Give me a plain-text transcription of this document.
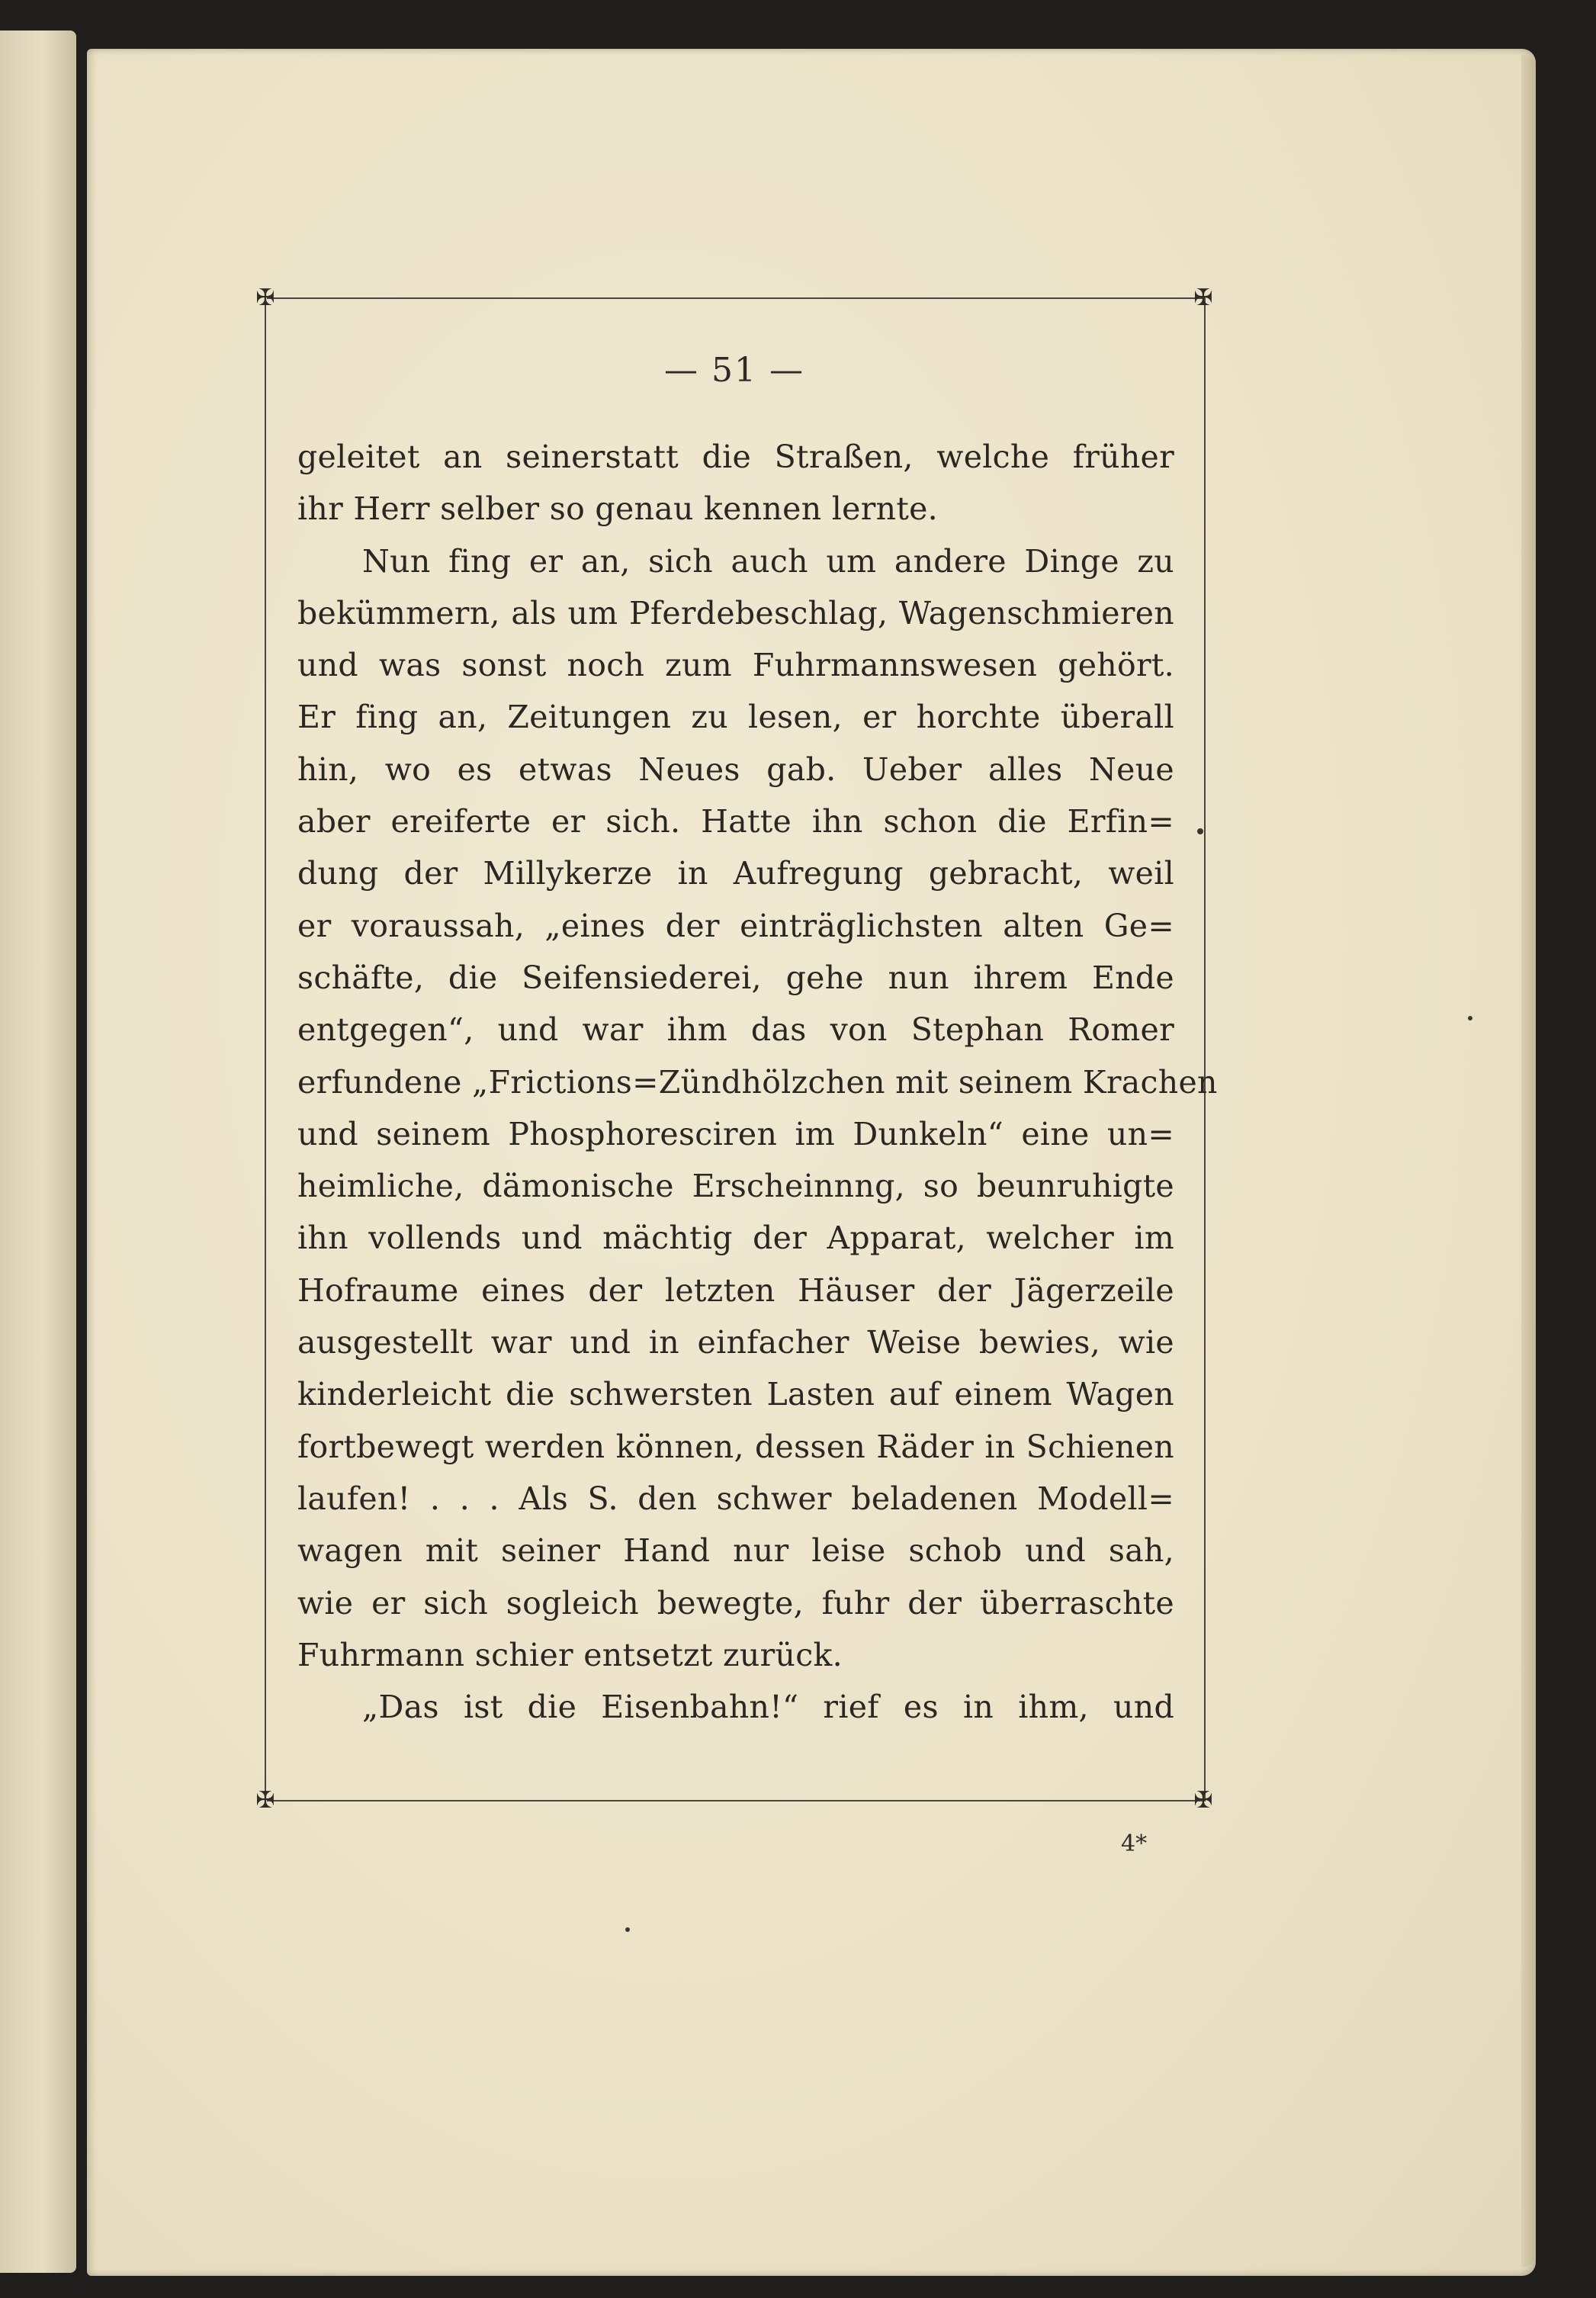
✠	✠
✠	✠
— 51 —
geleitet an seinerstatt die Straßen, welche früher
ihr Herr selber so genau kennen lernte.
Nun fing er an, sich auch um andere Dinge zu
bekümmern, als um Pferdebeschlag, Wagenschmieren
und was sonst noch zum Fuhrmannswesen gehört.
Er fing an, Zeitungen zu lesen, er horchte überall
hin, wo es etwas Neues gab. Ueber alles Neue
aber ereiferte er sich. Hatte ihn schon die Erfin=
dung der Millykerze in Aufregung gebracht, weil
er voraussah, „eines der einträglichsten alten Ge=
schäfte, die Seifensiederei, gehe nun ihrem Ende
entgegen“, und war ihm das von Stephan Romer
erfundene „Frictions=Zündhölzchen mit seinem Krachen
und seinem Phosphoresciren im Dunkeln“ eine un=
heimliche, dämonische Erscheinnng, so beunruhigte
ihn vollends und mächtig der Apparat, welcher im
Hofraume eines der letzten Häuser der Jägerzeile
ausgestellt war und in einfacher Weise bewies, wie
kinderleicht die schwersten Lasten auf einem Wagen
fortbewegt werden können, dessen Räder in Schienen
laufen! . . . Als S. den schwer beladenen Modell=
wagen mit seiner Hand nur leise schob und sah,
wie er sich sogleich bewegte, fuhr der überraschte
Fuhrmann schier entsetzt zurück.
„Das ist die Eisenbahn!“ rief es in ihm, und
4*
